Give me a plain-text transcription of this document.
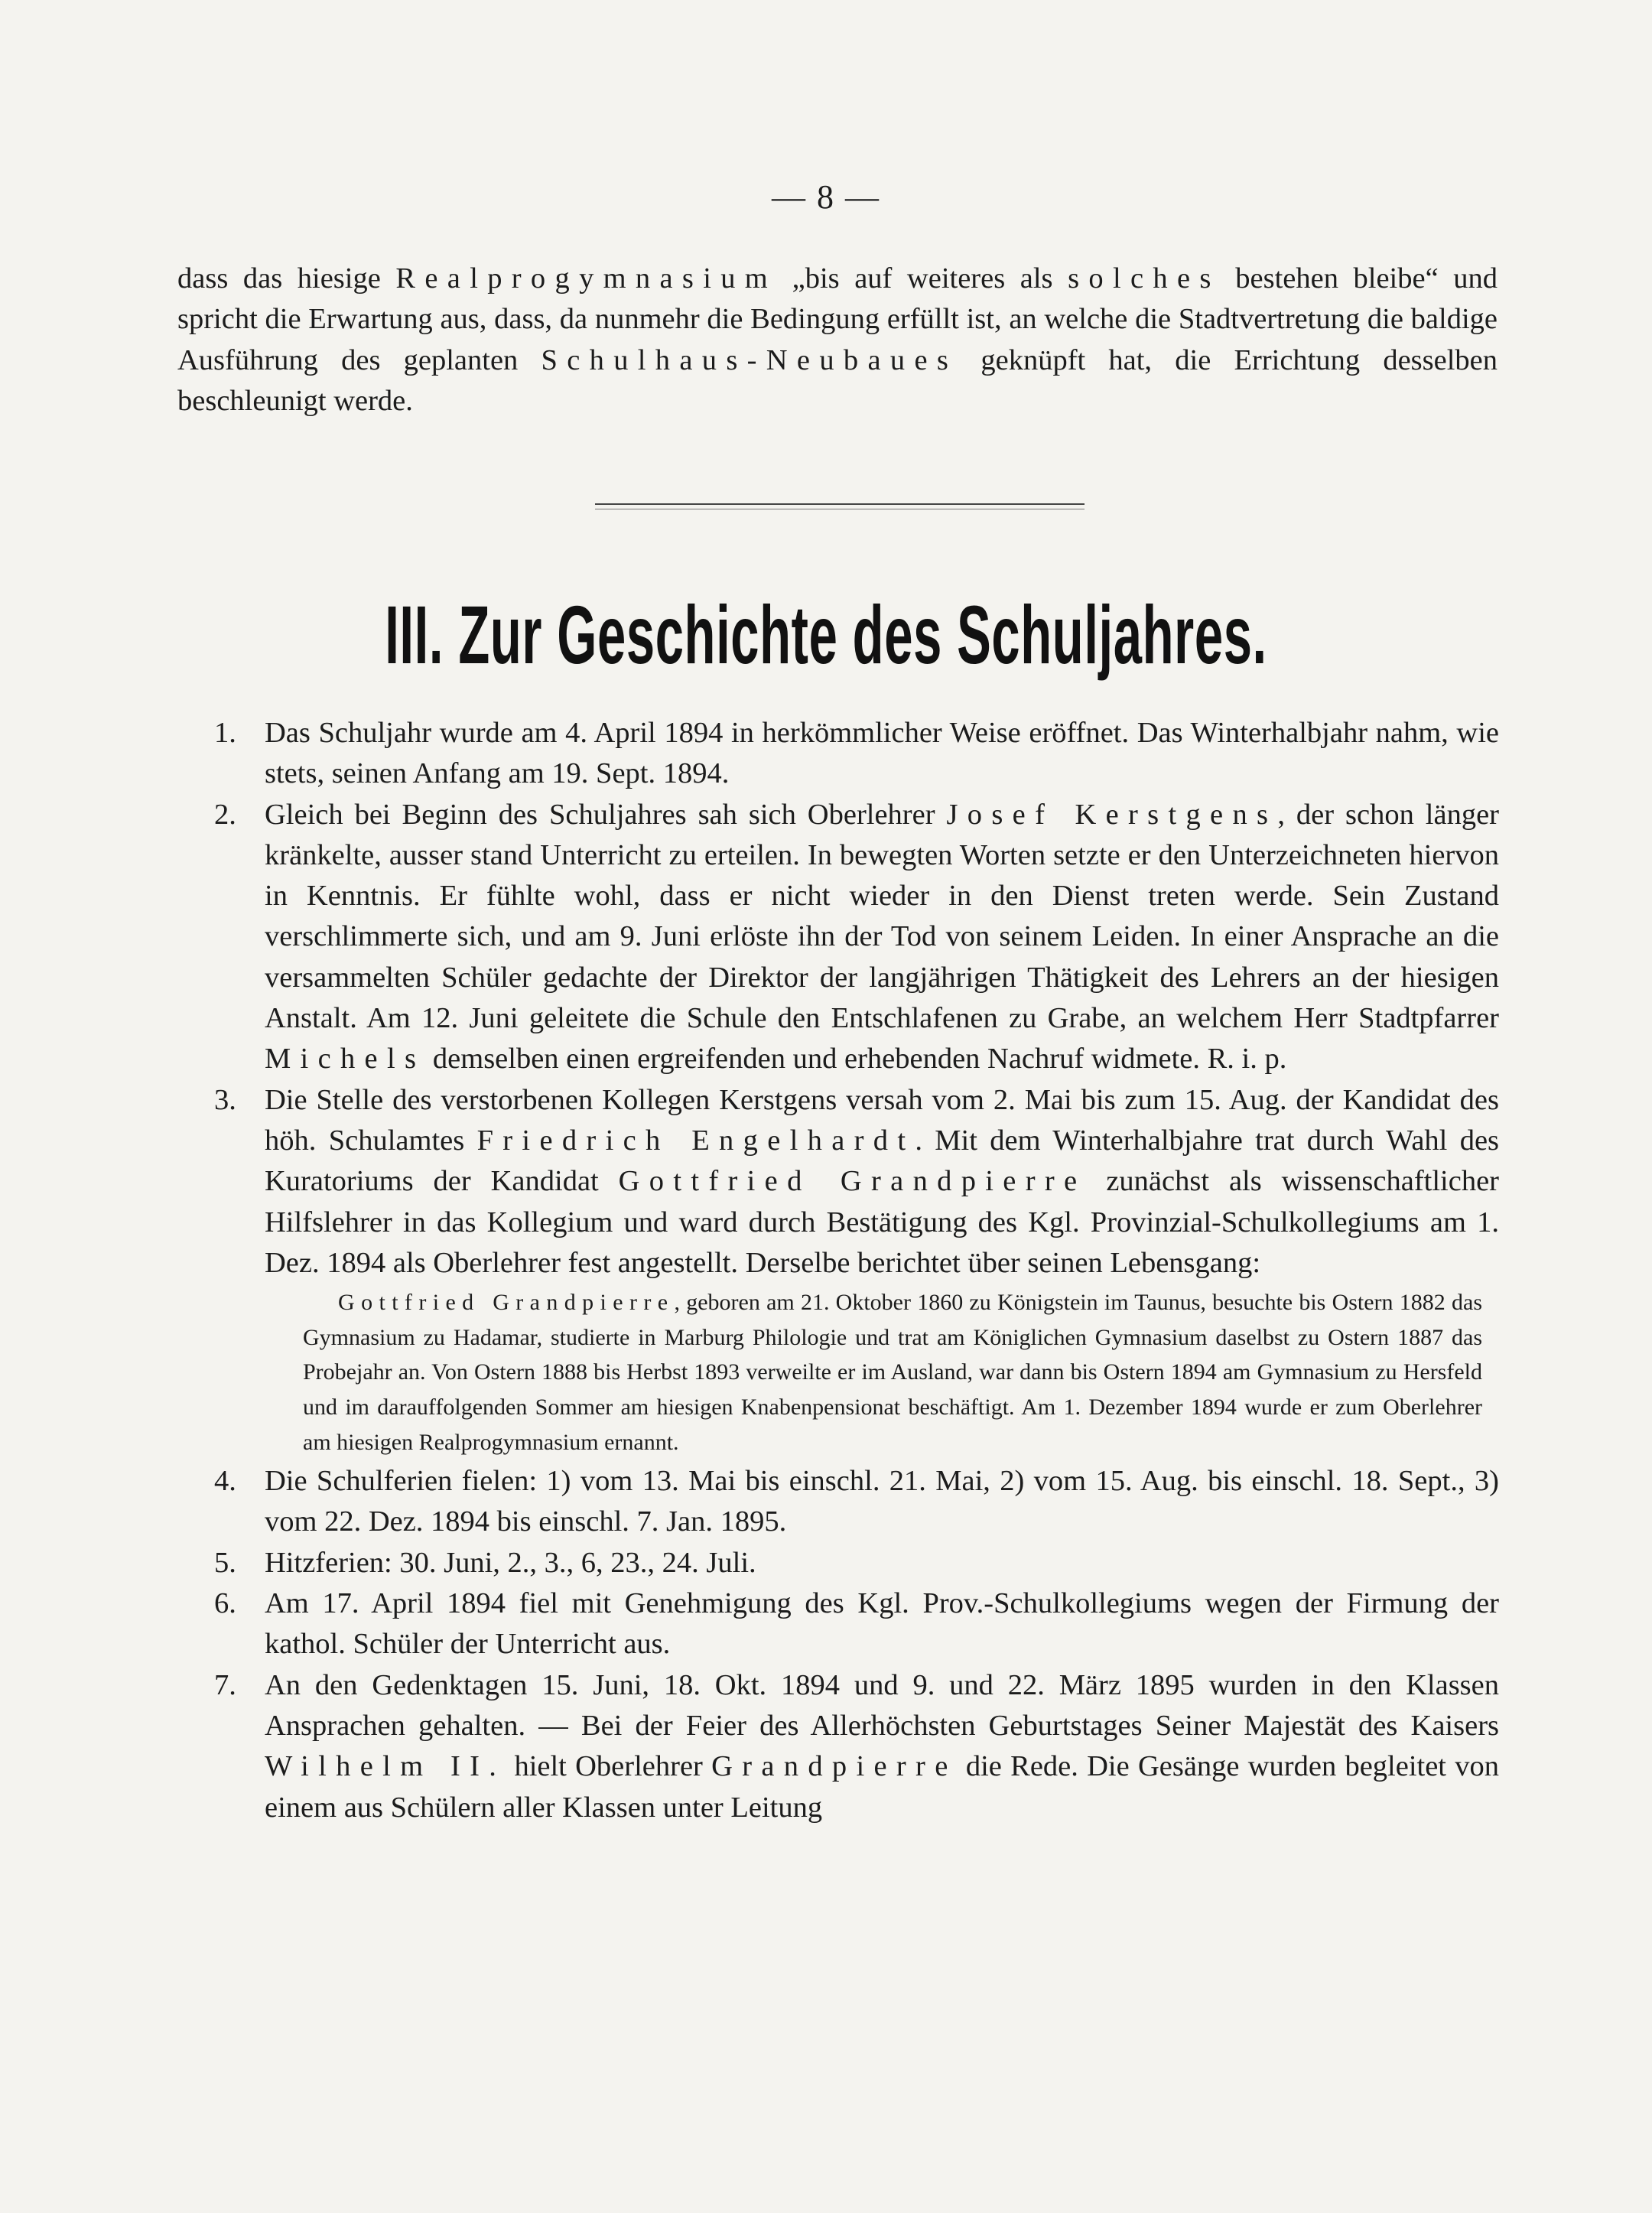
— 8 —
dass das hiesige Realprogymnasium „bis auf weiteres als solches bestehen bleibe“ und spricht die Erwartung aus, dass, da nunmehr die Bedingung erfüllt ist, an welche die Stadtvertretung die baldige Ausführung des geplanten Schulhaus-Neubaues geknüpft hat, die Errichtung desselben beschleunigt werde.
III. Zur Geschichte des Schuljahres.
1. Das Schuljahr wurde am 4. April 1894 in herkömmlicher Weise eröffnet. Das Winterhalbjahr nahm, wie stets, seinen Anfang am 19. Sept. 1894.
2. Gleich bei Beginn des Schuljahres sah sich Oberlehrer Josef Kerstgens, der schon länger kränkelte, ausser stand Unterricht zu erteilen. In bewegten Worten setzte er den Unterzeichneten hiervon in Kenntnis. Er fühlte wohl, dass er nicht wieder in den Dienst treten werde. Sein Zustand verschlimmerte sich, und am 9. Juni erlöste ihn der Tod von seinem Leiden. In einer Ansprache an die versammelten Schüler gedachte der Direktor der langjährigen Thätigkeit des Lehrers an der hiesigen Anstalt. Am 12. Juni geleitete die Schule den Entschlafenen zu Grabe, an welchem Herr Stadtpfarrer Michels demselben einen ergreifenden und erhebenden Nachruf widmete. R. i. p.
3. Die Stelle des verstorbenen Kollegen Kerstgens versah vom 2. Mai bis zum 15. Aug. der Kandidat des höh. Schulamtes Friedrich Engelhardt. Mit dem Winterhalbjahre trat durch Wahl des Kuratoriums der Kandidat Gottfried Grandpierre zunächst als wissenschaftlicher Hilfslehrer in das Kollegium und ward durch Bestätigung des Kgl. Provinzial-Schulkollegiums am 1. Dez. 1894 als Oberlehrer fest angestellt. Derselbe berichtet über seinen Lebensgang:
Gottfried Grandpierre, geboren am 21. Oktober 1860 zu Königstein im Taunus, besuchte bis Ostern 1882 das Gymnasium zu Hadamar, studierte in Marburg Philologie und trat am Königlichen Gymnasium daselbst zu Ostern 1887 das Probejahr an. Von Ostern 1888 bis Herbst 1893 verweilte er im Ausland, war dann bis Ostern 1894 am Gymnasium zu Hersfeld und im darauffolgenden Sommer am hiesigen Knabenpensionat beschäftigt. Am 1. Dezember 1894 wurde er zum Oberlehrer am hiesigen Realprogymnasium ernannt.
4. Die Schulferien fielen: 1) vom 13. Mai bis einschl. 21. Mai, 2) vom 15. Aug. bis einschl. 18. Sept., 3) vom 22. Dez. 1894 bis einschl. 7. Jan. 1895.
5. Hitzferien: 30. Juni, 2., 3., 6, 23., 24. Juli.
6. Am 17. April 1894 fiel mit Genehmigung des Kgl. Prov.-Schulkollegiums wegen der Firmung der kathol. Schüler der Unterricht aus.
7. An den Gedenktagen 15. Juni, 18. Okt. 1894 und 9. und 22. März 1895 wurden in den Klassen Ansprachen gehalten. — Bei der Feier des Allerhöchsten Geburtstages Seiner Majestät des Kaisers Wilhelm II. hielt Oberlehrer Grandpierre die Rede. Die Gesänge wurden begleitet von einem aus Schülern aller Klassen unter Leitung
